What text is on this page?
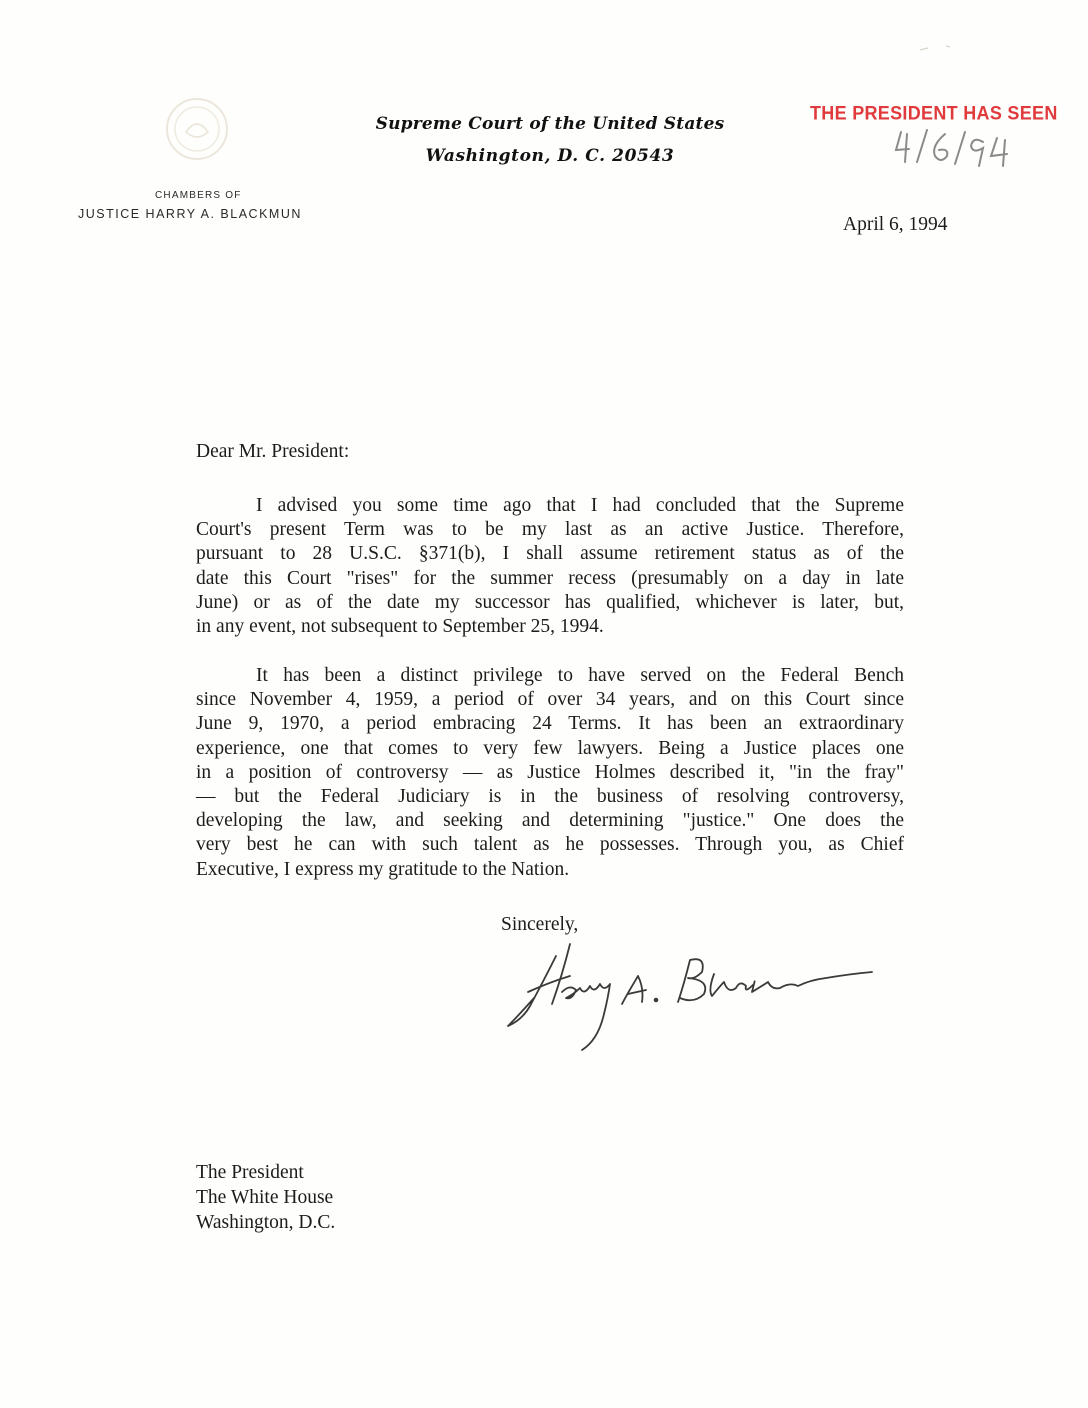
Supreme Court of the United States
Washington, D. C. 20543
CHAMBERS OF
JUSTICE HARRY A. BLACKMUN
THE PRESIDENT HAS SEEN
April 6, 1994
Dear Mr. President:
I advised you some time ago that I had concluded that the Supreme
Court's present Term was to be my last as an active Justice. Therefore,
pursuant to 28 U.S.C. §371(b), I shall assume retirement status as of the
date this Court "rises" for the summer recess (presumably on a day in late
June) or as of the date my successor has qualified, whichever is later, but,
in any event, not subsequent to September 25, 1994.
It has been a distinct privilege to have served on the Federal Bench
since November 4, 1959, a period of over 34 years, and on this Court since
June 9, 1970, a period embracing 24 Terms. It has been an extraordinary
experience, one that comes to very few lawyers. Being a Justice places one
in a position of controversy — as Justice Holmes described it, "in the fray"
— but the Federal Judiciary is in the business of resolving controversy,
developing the law, and seeking and determining "justice." One does the
very best he can with such talent as he possesses. Through you, as Chief
Executive, I express my gratitude to the Nation.
Sincerely,
The President
The White House
Washington, D.C.
